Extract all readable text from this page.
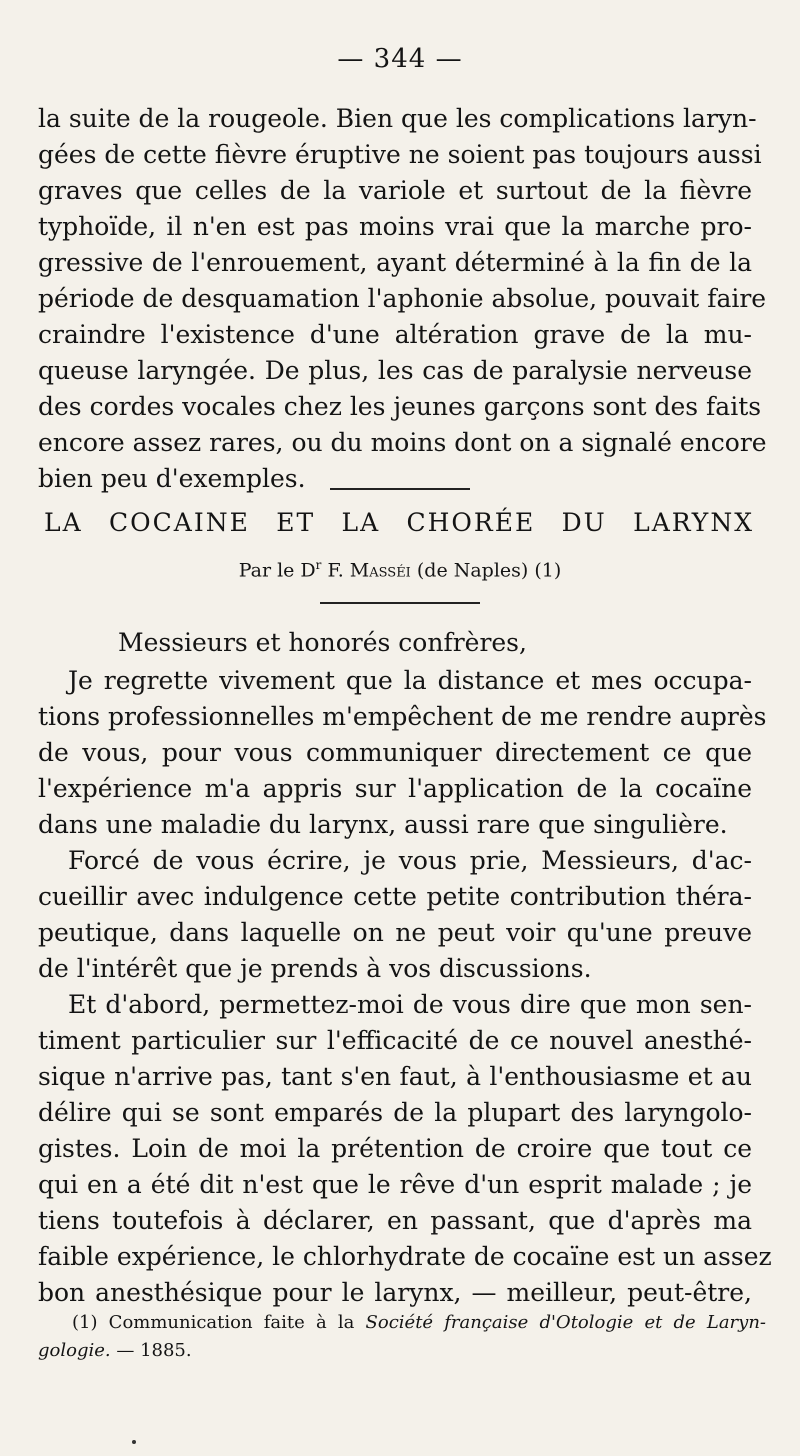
— 344 —

la suite de la rougeole. Bien que les complications laryn-

gées de cette fièvre éruptive ne soient pas toujours aussi

graves que celles de la variole et surtout de la fièvre

typhoïde, il n'en est pas moins vrai que la marche pro-

gressive de l'enrouement, ayant déterminé à la fin de la

période de desquamation l'aphonie absolue, pouvait faire

craindre l'existence d'une altération grave de la mu-

queuse laryngée. De plus, les cas de paralysie nerveuse

des cordes vocales chez les jeunes garçons sont des faits

encore assez rares, ou du moins dont on a signalé encore

bien peu d'exemples.

LA COCAINE ET LA CHORÉE DU LARYNX
Par le $D^r$ F. Masséi (de Naples) (1)

Messieurs et honorés confrères,

Je regrette vivement que la distance et mes occupa-

tions professionnelles m'empêchent de me rendre auprès

de vous, pour vous communiquer directement ce que

l'expérience m'a appris sur l'application de la cocaïne

dans une maladie du larynx, aussi rare que singulière.

Forcé de vous écrire, je vous prie, Messieurs, d'ac-

cueillir avec indulgence cette petite contribution théra-

peutique, dans laquelle on ne peut voir qu'une preuve

de l'intérêt que je prends à vos discussions.

Et d'abord, permettez-moi de vous dire que mon sen-

timent particulier sur l'efficacité de ce nouvel anesthé-

sique n'arrive pas, tant s'en faut, à l'enthousiasme et au

délire qui se sont emparés de la plupart des laryngolo-

gistes. Loin de moi la prétention de croire que tout ce

qui en a été dit n'est que le rêve d'un esprit malade ; je

tiens toutefois à déclarer, en passant, que d'après ma

faible expérience, le chlorhydrate de cocaïne est un assez

bon anesthésique pour le larynx, — meilleur, peut-être,

(1) Communication faite à la Société française d'Otologie et de Laryn-

gologie. — 1885.
